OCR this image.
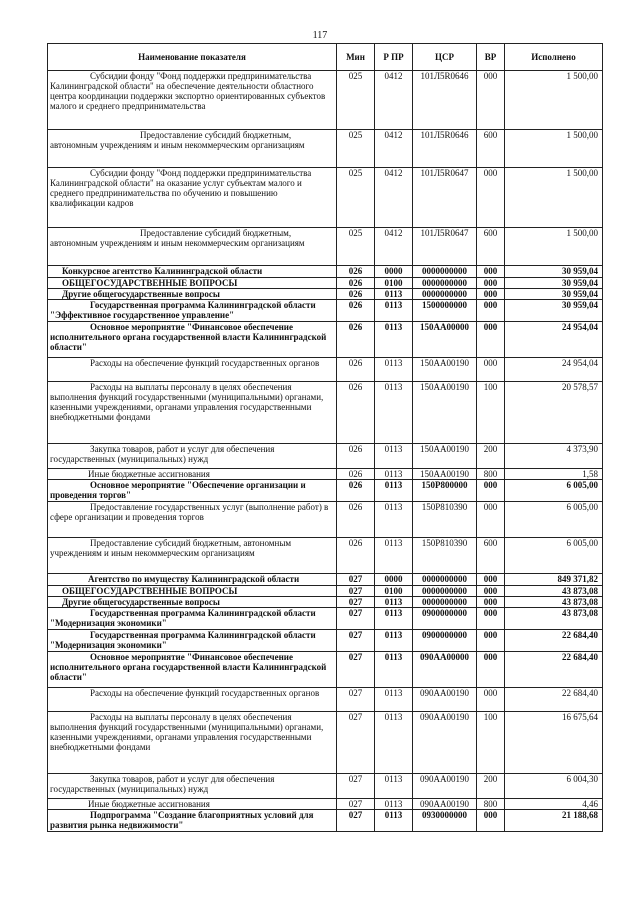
117
Наименование показателя	Мин	Р ПР	ЦСР	ВР	Исполнено
Субсидии фонду "Фонд поддержки предпринимательства Калининградской области" на обеспечение деятельности областного центра координации поддержки экспортно ориентированных субъектов малого и среднего предпринимательства	025	0412	101Л5R0646	000	1 500,00
Предоставление субсидий бюджетным, автономным учреждениям и иным некоммерческим организациям	025	0412	101Л5R0646	600	1 500,00
Субсидии фонду "Фонд поддержки предпринимательства Калининградской области" на оказание услуг субъектам малого и среднего предпринимательства по обучению и повышению квалификации кадров	025	0412	101Л5R0647	000	1 500,00
Предоставление субсидий бюджетным, автономным учреждениям и иным некоммерческим организациям	025	0412	101Л5R0647	600	1 500,00
Конкурсное агентство Калининградской области	026	0000	0000000000	000	30 959,04
ОБЩЕГОСУДАРСТВЕННЫЕ ВОПРОСЫ	026	0100	0000000000	000	30 959,04
Другие общегосударственные вопросы	026	0113	0000000000	000	30 959,04
Государственная программа Калининградской области "Эффективное государственное управление"	026	0113	1500000000	000	30 959,04
Основное мероприятие "Финансовое обеспечение исполнительного органа государственной власти Калининградской области"	026	0113	150АА00000	000	24 954,04
Расходы на обеспечение функций государственных органов	026	0113	150АА00190	000	24 954,04
Расходы на выплаты персоналу в целях обеспечения выполнения функций государственными (муниципальными) органами, казенными учреждениями, органами управления государственными внебюджетными фондами	026	0113	150АА00190	100	20 578,57
Закупка товаров, работ и услуг для обеспечения государственных (муниципальных) нужд	026	0113	150АА00190	200	4 373,90
Иные бюджетные ассигнования	026	0113	150АА00190	800	1,58
Основное мероприятие "Обеспечение организации и проведения торгов"	026	0113	150Р800000	000	6 005,00
Предоставление государственных услуг (выполнение работ) в сфере организации и проведения торгов	026	0113	150Р810390	000	6 005,00
Предоставление субсидий бюджетным, автономным учреждениям и иным некоммерческим организациям	026	0113	150Р810390	600	6 005,00
Агентство по имуществу Калининградской области	027	0000	0000000000	000	849 371,82
ОБЩЕГОСУДАРСТВЕННЫЕ ВОПРОСЫ	027	0100	0000000000	000	43 873,08
Другие общегосударственные вопросы	027	0113	0000000000	000	43 873,08
Государственная программа Калининградской области "Модернизация экономики"	027	0113	0900000000	000	43 873,08
Государственная программа Калининградской области "Модернизация экономики"	027	0113	0900000000	000	22 684,40
Основное мероприятие "Финансовое обеспечение исполнительного органа государственной власти Калининградской области"	027	0113	090АА00000	000	22 684,40
Расходы на обеспечение функций государственных органов	027	0113	090АА00190	000	22 684,40
Расходы на выплаты персоналу в целях обеспечения выполнения функций государственными (муниципальными) органами, казенными учреждениями, органами управления государственными внебюджетными фондами	027	0113	090АА00190	100	16 675,64
Закупка товаров, работ и услуг для обеспечения государственных (муниципальных) нужд	027	0113	090АА00190	200	6 004,30
Иные бюджетные ассигнования	027	0113	090АА00190	800	4,46
Подпрограмма "Создание благоприятных условий для развития рынка недвижимости"	027	0113	0930000000	000	21 188,68
